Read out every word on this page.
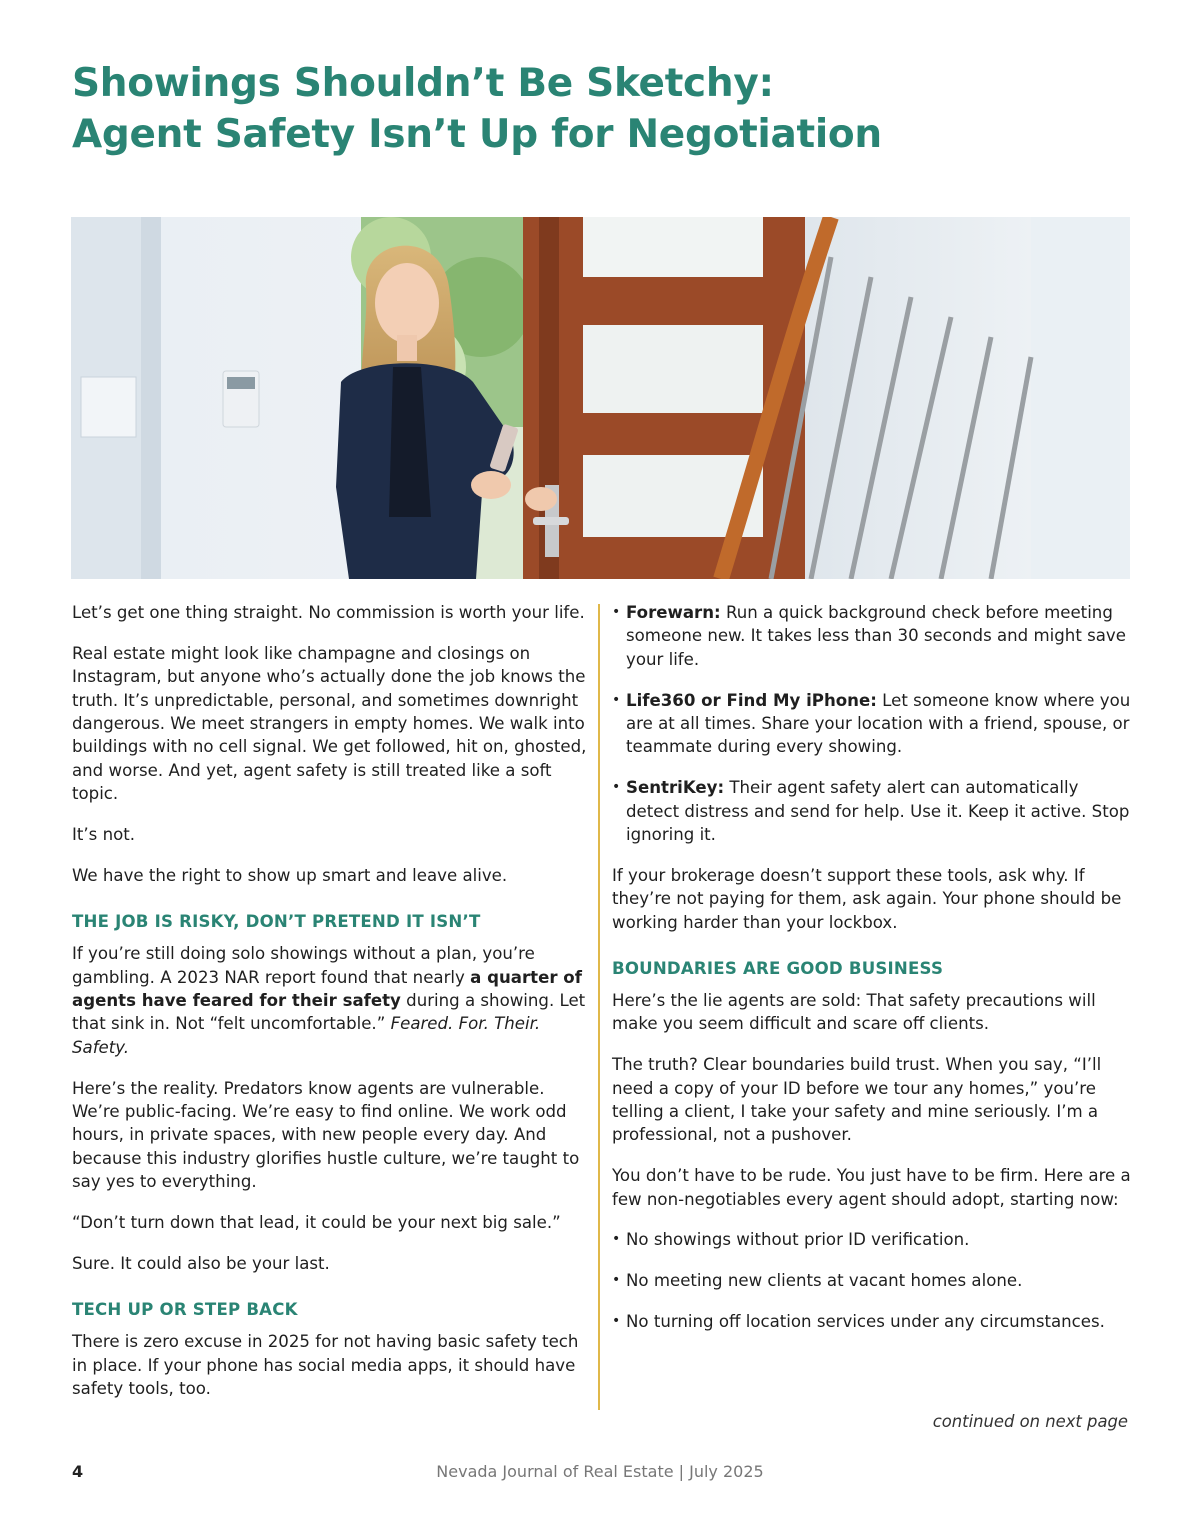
Showings Shouldn’t Be Sketchy:
Agent Safety Isn’t Up for Negotiation

Let’s get one thing straight. No commission is worth your life.

Real estate might look like champagne and closings on Instagram, but anyone who’s actually done the job knows the truth. It’s unpredictable, personal, and sometimes downright dangerous. We meet strangers in empty homes. We walk into buildings with no cell signal. We get followed, hit on, ghosted, and worse. And yet, agent safety is still treated like a soft topic.

It’s not.

We have the right to show up smart and leave alive.

THE JOB IS RISKY, DON’T PRETEND IT ISN’T

If you’re still doing solo showings without a plan, you’re gambling. A 2023 NAR report found that nearly a quarter of agents have feared for their safety during a showing. Let that sink in. Not “felt uncomfortable.” Feared. For. Their. Safety.

Here’s the reality. Predators know agents are vulnerable. We’re public-facing. We’re easy to find online. We work odd hours, in private spaces, with new people every day. And because this industry glorifies hustle culture, we’re taught to say yes to everything.

“Don’t turn down that lead, it could be your next big sale.”

Sure. It could also be your last.

TECH UP OR STEP BACK

There is zero excuse in 2025 for not having basic safety tech in place. If your phone has social media apps, it should have safety tools, too.

• Forewarn: Run a quick background check before meeting someone new. It takes less than 30 seconds and might save your life.
• Life360 or Find My iPhone: Let someone know where you are at all times. Share your location with a friend, spouse, or teammate during every showing.
• SentriKey: Their agent safety alert can automatically detect distress and send for help. Use it. Keep it active. Stop ignoring it.

If your brokerage doesn’t support these tools, ask why. If they’re not paying for them, ask again. Your phone should be working harder than your lockbox.

BOUNDARIES ARE GOOD BUSINESS

Here’s the lie agents are sold: That safety precautions will make you seem difficult and scare off clients.

The truth? Clear boundaries build trust. When you say, “I’ll need a copy of your ID before we tour any homes,” you’re telling a client, I take your safety and mine seriously. I’m a professional, not a pushover.

You don’t have to be rude. You just have to be firm. Here are a few non-negotiables every agent should adopt, starting now:

• No showings without prior ID verification.
• No meeting new clients at vacant homes alone.
• No turning off location services under any circumstances.
continued on next page
4	Nevada Journal of Real Estate | July 2025
